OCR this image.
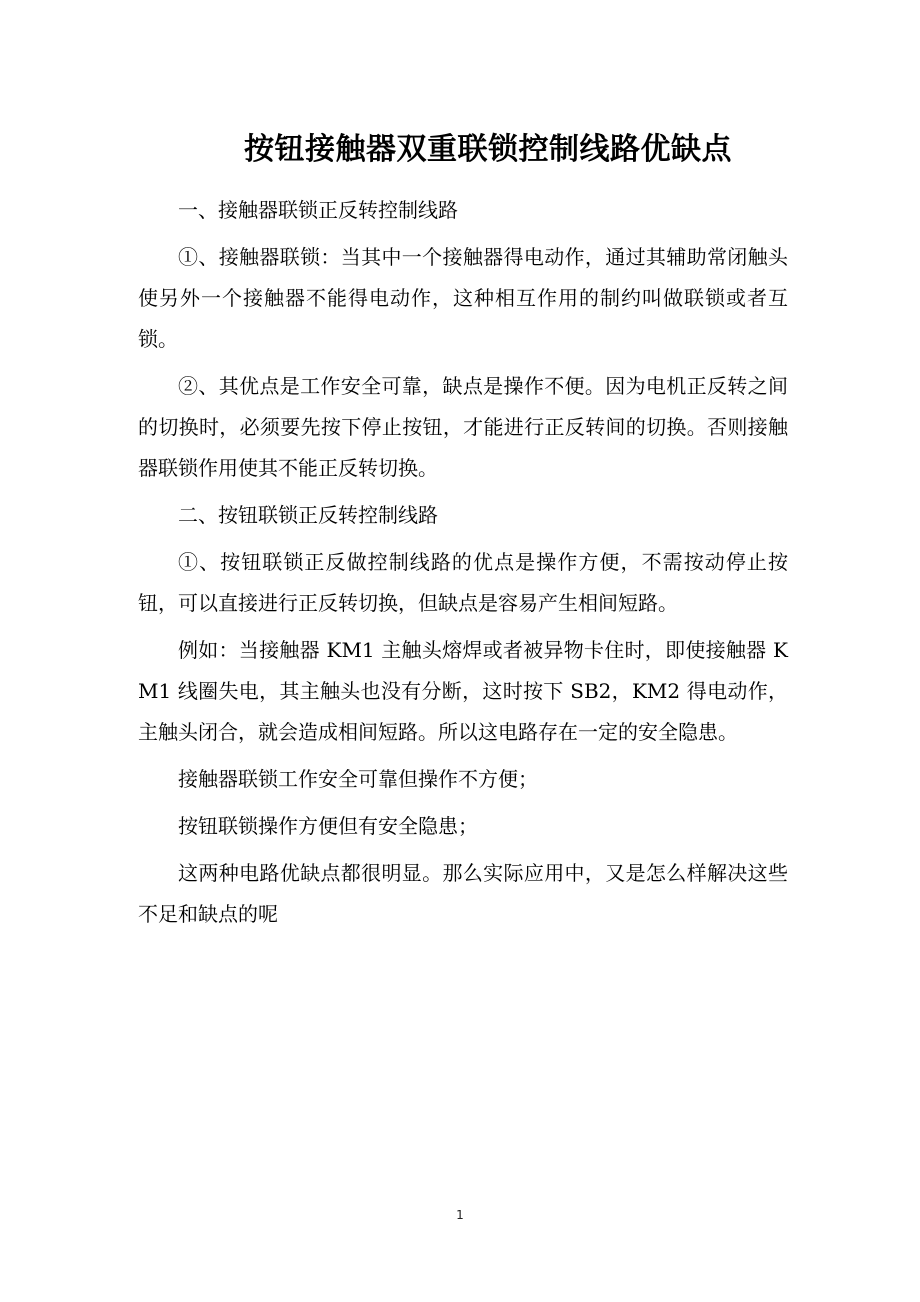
按钮接触器双重联锁控制线路优缺点

一、接触器联锁正反转控制线路

①、接触器联锁：当其中一个接触器得电动作，通过其辅助常闭触头使另外一个接触器不能得电动作，这种相互作用的制约叫做联锁或者互锁。

②、其优点是工作安全可靠，缺点是操作不便。因为电机正反转之间的切换时，必须要先按下停止按钮，才能进行正反转间的切换。否则接触器联锁作用使其不能正反转切换。

二、按钮联锁正反转控制线路

①、按钮联锁正反做控制线路的优点是操作方便，不需按动停止按钮，可以直接进行正反转切换，但缺点是容易产生相间短路。

例如：当接触器 KM1 主触头熔焊或者被异物卡住时，即使接触器 KM1 线圈失电，其主触头也没有分断，这时按下 SB2，KM2 得电动作，主触头闭合，就会造成相间短路。所以这电路存在一定的安全隐患。

接触器联锁工作安全可靠但操作不方便；

按钮联锁操作方便但有安全隐患；

这两种电路优缺点都很明显。那么实际应用中，又是怎么样解决这些不足和缺点的呢

1
